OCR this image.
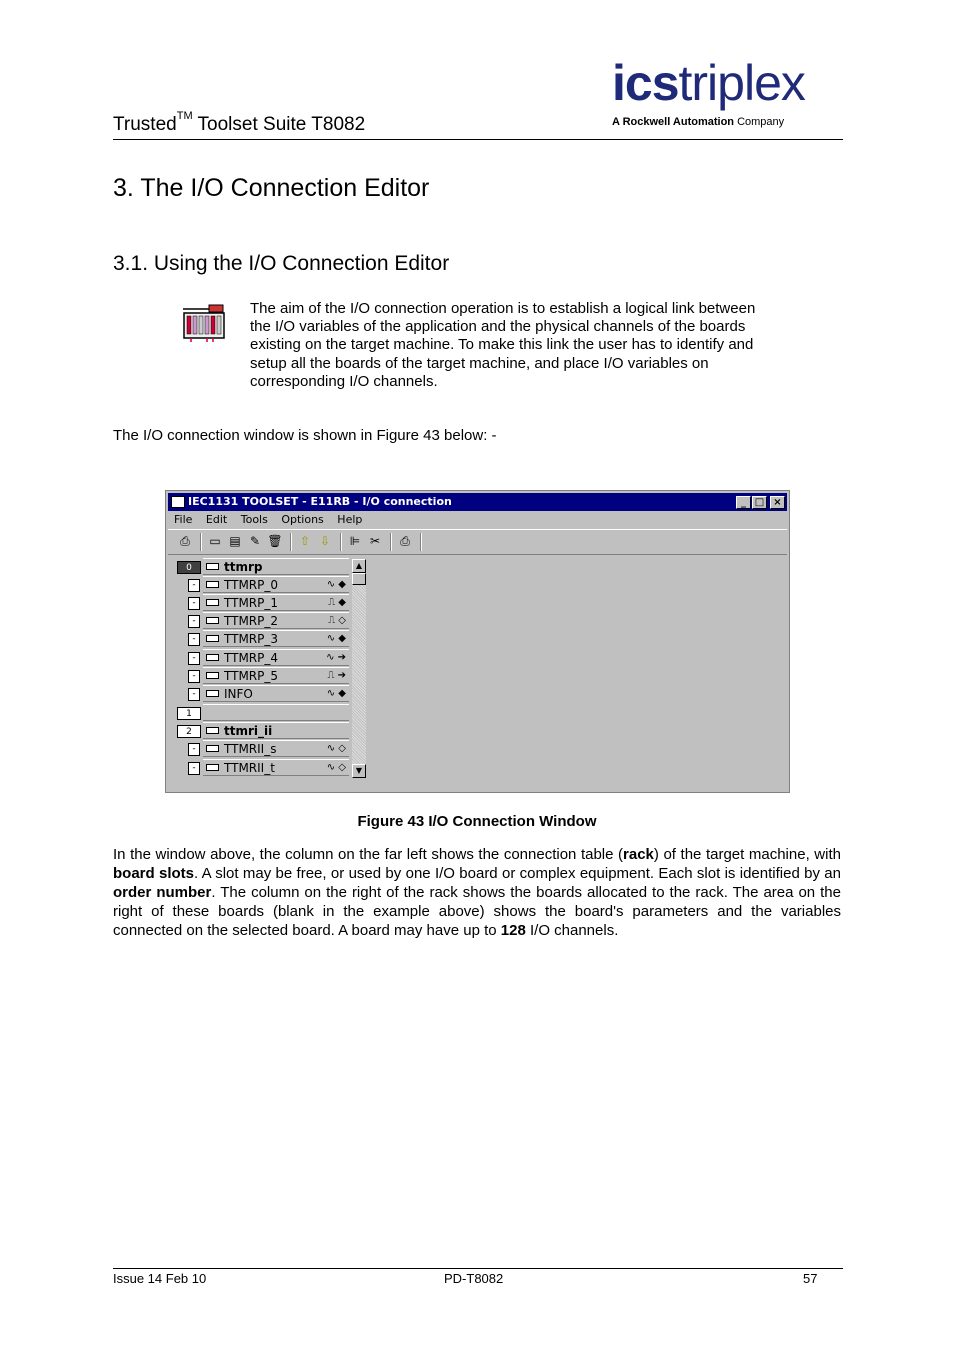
Trusted™ Toolset Suite T8082
icstriplex
A Rockwell Automation Company
3. The I/O Connection Editor
3.1. Using the I/O Connection Editor
The aim of the I/O connection operation is to establish a logical link between the I/O variables of the application and the physical channels of the boards existing on the target machine. To make this link the user has to identify and setup all the boards of the target machine, and place I/O variables on corresponding I/O channels.
The I/O connection window is shown in Figure 43 below: -
IEC1131 TOOLSET - E11RB - I/O connection	_ □ ×
File Edit Tools Options Help
⎙	▭ ▤ ✎ 🗑	⇧ ⇩	⊫ ✂	⎙
0	ttmrp
-	TTMRP_0	∿ ◆
-	TTMRP_1	⎍ ◆
-	TTMRP_2	⎍ ◇
-	TTMRP_3	∿ ◆
-	TTMRP_4	∿ ➔
-	TTMRP_5	⎍ ➔
-	INFO	∿ ◆
1
2	ttmri_ii
-	TTMRII_s	∿ ◇
-	TTMRII_t	∿ ◇
▲
▼
Figure 43 I/O Connection Window
In the window above, the column on the far left shows the connection table (rack) of the target machine, with board slots. A slot may be free, or used by one I/O board or complex equipment. Each slot is identified by an order number. The column on the right of the rack shows the boards allocated to the rack. The area on the right of these boards (blank in the example above) shows the board's parameters and the variables connected on the selected board. A board may have up to 128 I/O channels.
Issue 14 Feb 10	PD-T8082	57
